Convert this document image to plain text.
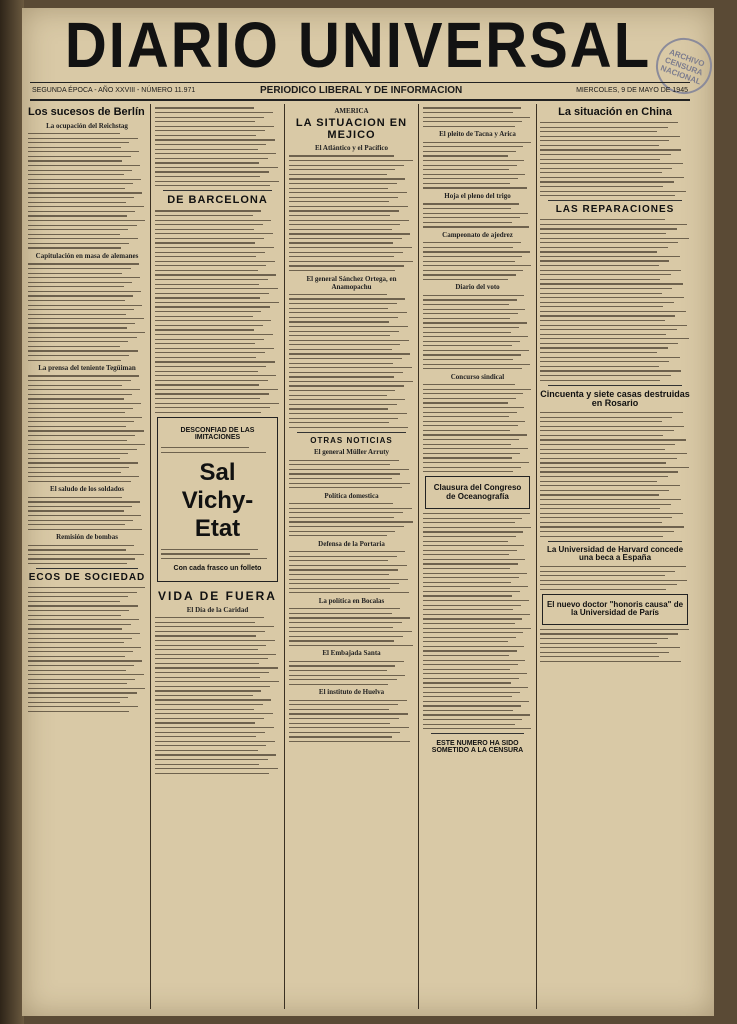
DIARIO UNIVERSAL	ARCHIVO CENSURA NACIONAL
SEGUNDA ÉPOCA - AÑO XXVIII - NÚMERO 11.971	PERIODICO LIBERAL Y DE INFORMACION	MIERCOLES, 9 DE MAYO DE 1945
Los sucesos de Berlín
La ocupación del Reichstag
Capitulación en masa de alemanes
La prensa del teniente Tegüiman
El saludo de los soldados
Remisión de bombas
ECOS DE SOCIEDAD
DE BARCELONA
DESCONFIAD DE LAS IMITACIONES
Sal Vichy-Etat
Con cada frasco un folleto
VIDA DE FUERA
El Día de la Caridad
AMERICA
LA SITUACION EN MEJICO
El Atlántico y el Pacífico
El general Sánchez Ortega, en Anamopachu
OTRAS NOTICIAS
El general Müller Arruty
Política domestica
Defensa de la Portaria
La política en Bocalas
El Embajada Santa
El instituto de Huelva
El pleito de Tacna y Arica
Hoja el pleno del trigo
Campeonato de ajedrez
Diario del voto
Concurso sindical
Clausura del Congreso de Oceanografía
ESTE NUMERO HA SIDO SOMETIDO A LA CENSURA
La situación en China
LAS REPARACIONES
Cincuenta y siete casas destruidas en Rosario
La Universidad de Harvard concede una beca a España
El nuevo doctor "honoris causa" de la Universidad de París
